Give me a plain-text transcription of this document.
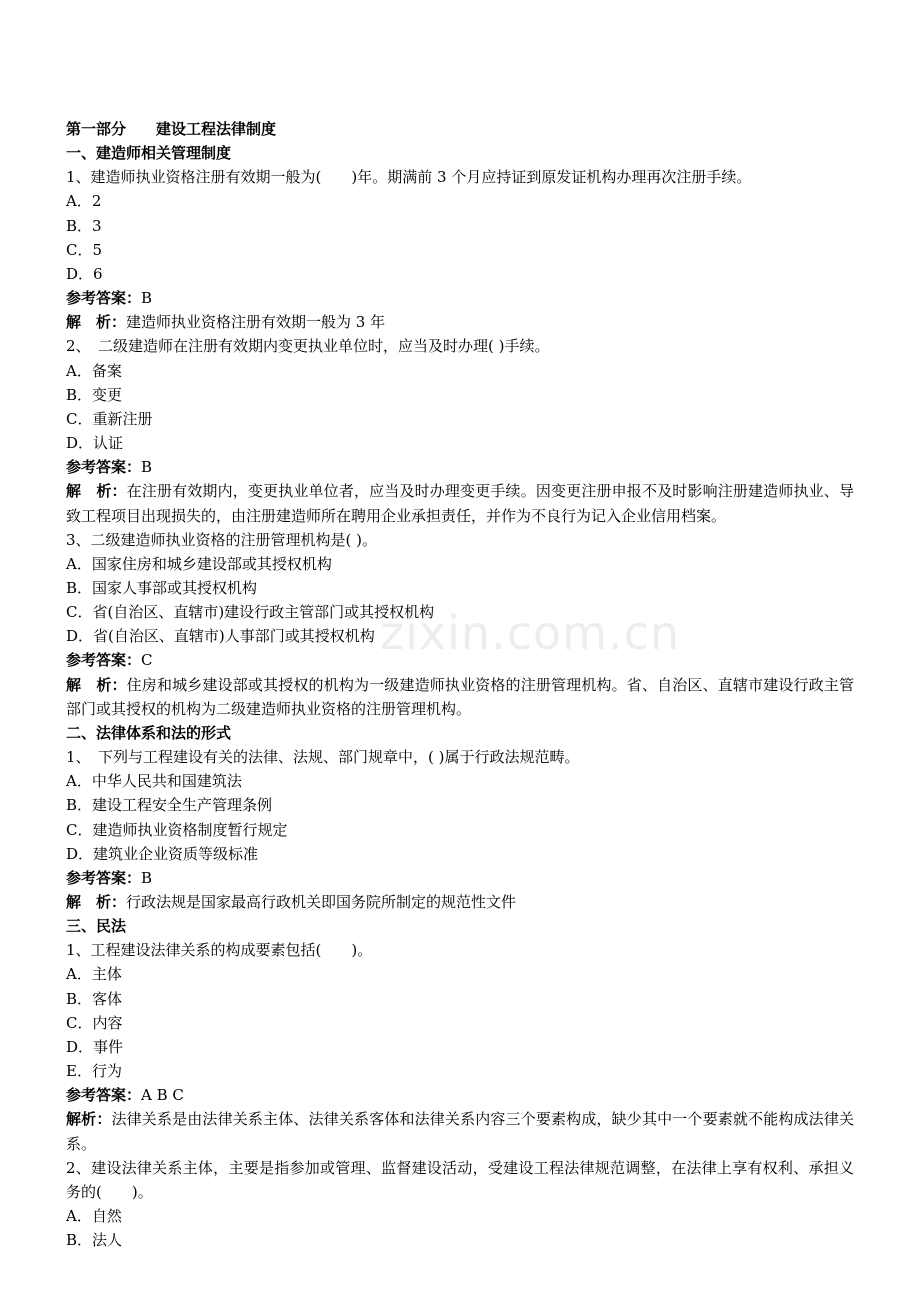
第一部分　　建设工程法律制度
一、建造师相关管理制度
1、建造师执业资格注册有效期一般为(　　)年。期满前 3 个月应持证到原发证机构办理再次注册手续。
A．2
B．3
C．5
D．6
参考答案：B
解　析：建造师执业资格注册有效期一般为 3 年
2、　二级建造师在注册有效期内变更执业单位时，应当及时办理( )手续。
A．备案
B．变更
C．重新注册
D．认证
参考答案：B
解　析：在注册有效期内，变更执业单位者，应当及时办理变更手续。因变更注册申报不及时影响注册建造师执业、导致工程项目出现损失的，由注册建造师所在聘用企业承担责任，并作为不良行为记入企业信用档案。
3、二级建造师执业资格的注册管理机构是( )。
A．国家住房和城乡建设部或其授权机构
B．国家人事部或其授权机构
C．省(自治区、直辖市)建设行政主管部门或其授权机构
D．省(自治区、直辖市)人事部门或其授权机构
参考答案：C
解　析：住房和城乡建设部或其授权的机构为一级建造师执业资格的注册管理机构。省、自治区、直辖市建设行政主管部门或其授权的机构为二级建造师执业资格的注册管理机构。
二、法律体系和法的形式
1、　下列与工程建设有关的法律、法规、部门规章中，( )属于行政法规范畴。
A．中华人民共和国建筑法
B．建设工程安全生产管理条例
C．建造师执业资格制度暂行规定
D．建筑业企业资质等级标准
参考答案：B
解　析：行政法规是国家最高行政机关即国务院所制定的规范性文件
三、民法
1、工程建设法律关系的构成要素包括(　　)。
A．主体
B．客体
C．内容
D．事件
E．行为
参考答案：A B C
解析：法律关系是由法律关系主体、法律关系客体和法律关系内容三个要素构成，缺少其中一个要素就不能构成法律关系。
2、建设法律关系主体，主要是指参加或管理、监督建设活动，受建设工程法律规范调整，在法律上享有权利、承担义务的(　　)。
A．自然
B．法人
zixin.com.cn
